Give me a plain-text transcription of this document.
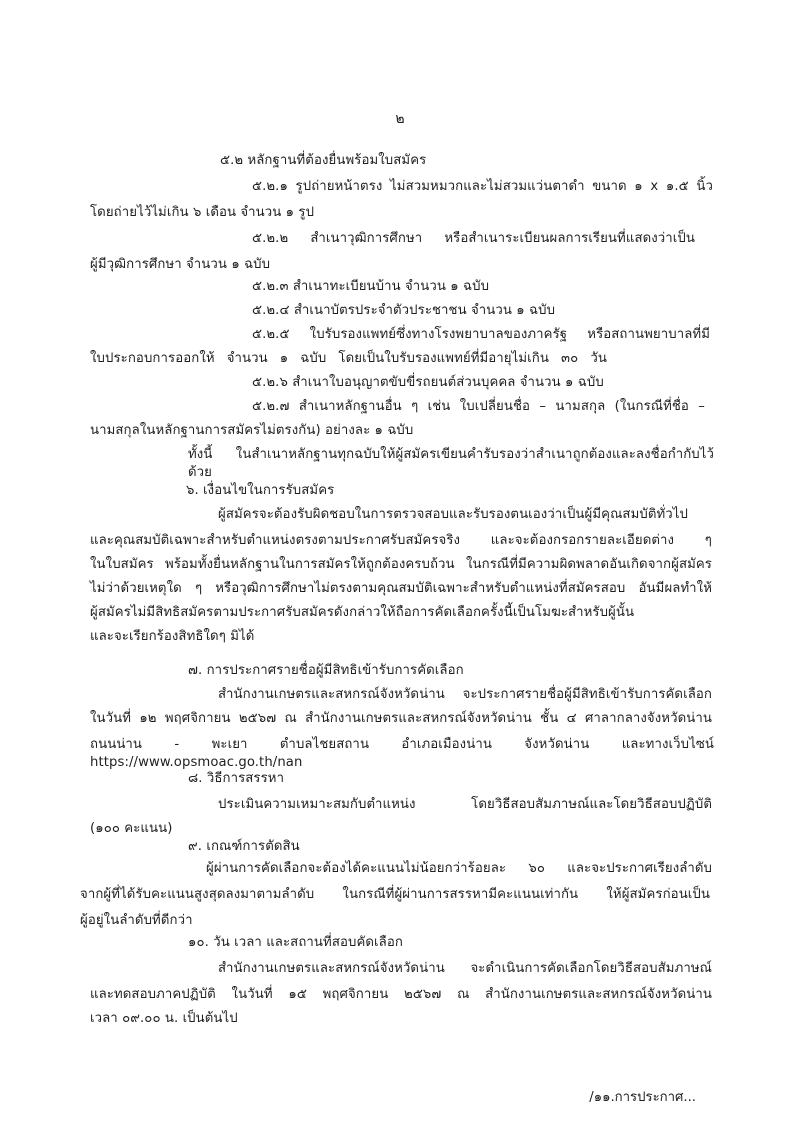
๒
๕.๒ หลักฐานที่ต้องยื่นพร้อมใบสมัคร
๕.๒.๑ รูปถ่ายหน้าตรง ไม่สวมหมวกและไม่สวมแว่นตาดำ ขนาด ๑ x ๑.๕ นิ้ว
โดยถ่ายไว้ไม่เกิน ๖ เดือน จำนวน ๑ รูป
๕.๒.๒ สำเนาวุฒิการศึกษา หรือสำเนาระเบียนผลการเรียนที่แสดงว่าเป็น
ผู้มีวุฒิการศึกษา จำนวน ๑ ฉบับ
๕.๒.๓ สำเนาทะเบียนบ้าน จำนวน ๑ ฉบับ
๕.๒.๔ สำเนาบัตรประจำตัวประชาชน จำนวน ๑ ฉบับ
๕.๒.๕ ใบรับรองแพทย์ซึ่งทางโรงพยาบาลของภาครัฐ หรือสถานพยาบาลที่มี
ใบประกอบการออกให้ จำนวน ๑ ฉบับ โดยเป็นใบรับรองแพทย์ที่มีอายุไม่เกิน ๓๐ วัน
๕.๒.๖ สำเนาใบอนุญาตขับขี่รถยนต์ส่วนบุคคล จำนวน ๑ ฉบับ
๕.๒.๗ สำเนาหลักฐานอื่น ๆ เช่น ใบเปลี่ยนชื่อ – นามสกุล (ในกรณีที่ชื่อ –
นามสกุลในหลักฐานการสมัครไม่ตรงกัน) อย่างละ ๑ ฉบับ
ทั้งนี้ ในสำเนาหลักฐานทุกฉบับให้ผู้สมัครเขียนคำรับรองว่าสำเนาถูกต้องและลงชื่อกำกับไว้ด้วย
๖. เงื่อนไขในการรับสมัคร
ผู้สมัครจะต้องรับผิดชอบในการตรวจสอบและรับรองตนเองว่าเป็นผู้มีคุณสมบัติทั่วไป
และคุณสมบัติเฉพาะสำหรับตำแหน่งตรงตามประกาศรับสมัครจริง และจะต้องกรอกรายละเอียดต่าง ๆ
ในใบสมัคร พร้อมทั้งยื่นหลักฐานในการสมัครให้ถูกต้องครบถ้วน ในกรณีที่มีความผิดพลาดอันเกิดจากผู้สมัคร
ไม่ว่าด้วยเหตุใด ๆ หรือวุฒิการศึกษาไม่ตรงตามคุณสมบัติเฉพาะสำหรับตำแหน่งที่สมัครสอบ อันมีผลทำให้
ผู้สมัครไม่มีสิทธิสมัครตามประกาศรับสมัครดังกล่าวให้ถือการคัดเลือกครั้งนี้เป็นโมฆะสำหรับผู้นั้น
และจะเรียกร้องสิทธิใดๆ มิได้
๗. การประกาศรายชื่อผู้มีสิทธิเข้ารับการคัดเลือก
สำนักงานเกษตรและสหกรณ์จังหวัดน่าน จะประกาศรายชื่อผู้มีสิทธิเข้ารับการคัดเลือก
ในวันที่ ๑๒ พฤศจิกายน ๒๕๖๗ ณ สำนักงานเกษตรและสหกรณ์จังหวัดน่าน ชั้น ๔ ศาลากลางจังหวัดน่าน
ถนนน่าน - พะเยา ตำบลไชยสถาน อำเภอเมืองน่าน จังหวัดน่าน และทางเว็บไซน์ https://www.opsmoac.go.th/nan
๘. วิธีการสรรหา
ประเมินความเหมาะสมกับตำแหน่ง โดยวิธีสอบสัมภาษณ์และโดยวิธีสอบปฏิบัติ
(๑๐๐ คะแนน)
๙. เกณฑ์การตัดสิน
ผู้ผ่านการคัดเลือกจะต้องได้คะแนนไม่น้อยกว่าร้อยละ ๖๐ และจะประกาศเรียงลำดับ
จากผู้ที่ได้รับคะแนนสูงสุดลงมาตามลำดับ ในกรณีที่ผู้ผ่านการสรรหามีคะแนนเท่ากัน ให้ผู้สมัครก่อนเป็น
ผู้อยู่ในลำดับที่ดีกว่า
๑๐. วัน เวลา และสถานที่สอบคัดเลือก
สำนักงานเกษตรและสหกรณ์จังหวัดน่าน จะดำเนินการคัดเลือกโดยวิธีสอบสัมภาษณ์
และทดสอบภาคปฏิบัติ ในวันที่ ๑๕ พฤศจิกายน ๒๕๖๗ ณ สำนักงานเกษตรและสหกรณ์จังหวัดน่าน
เวลา ๐๙.๐๐ น. เป็นต้นไป
/๑๑.การประกาศ...
